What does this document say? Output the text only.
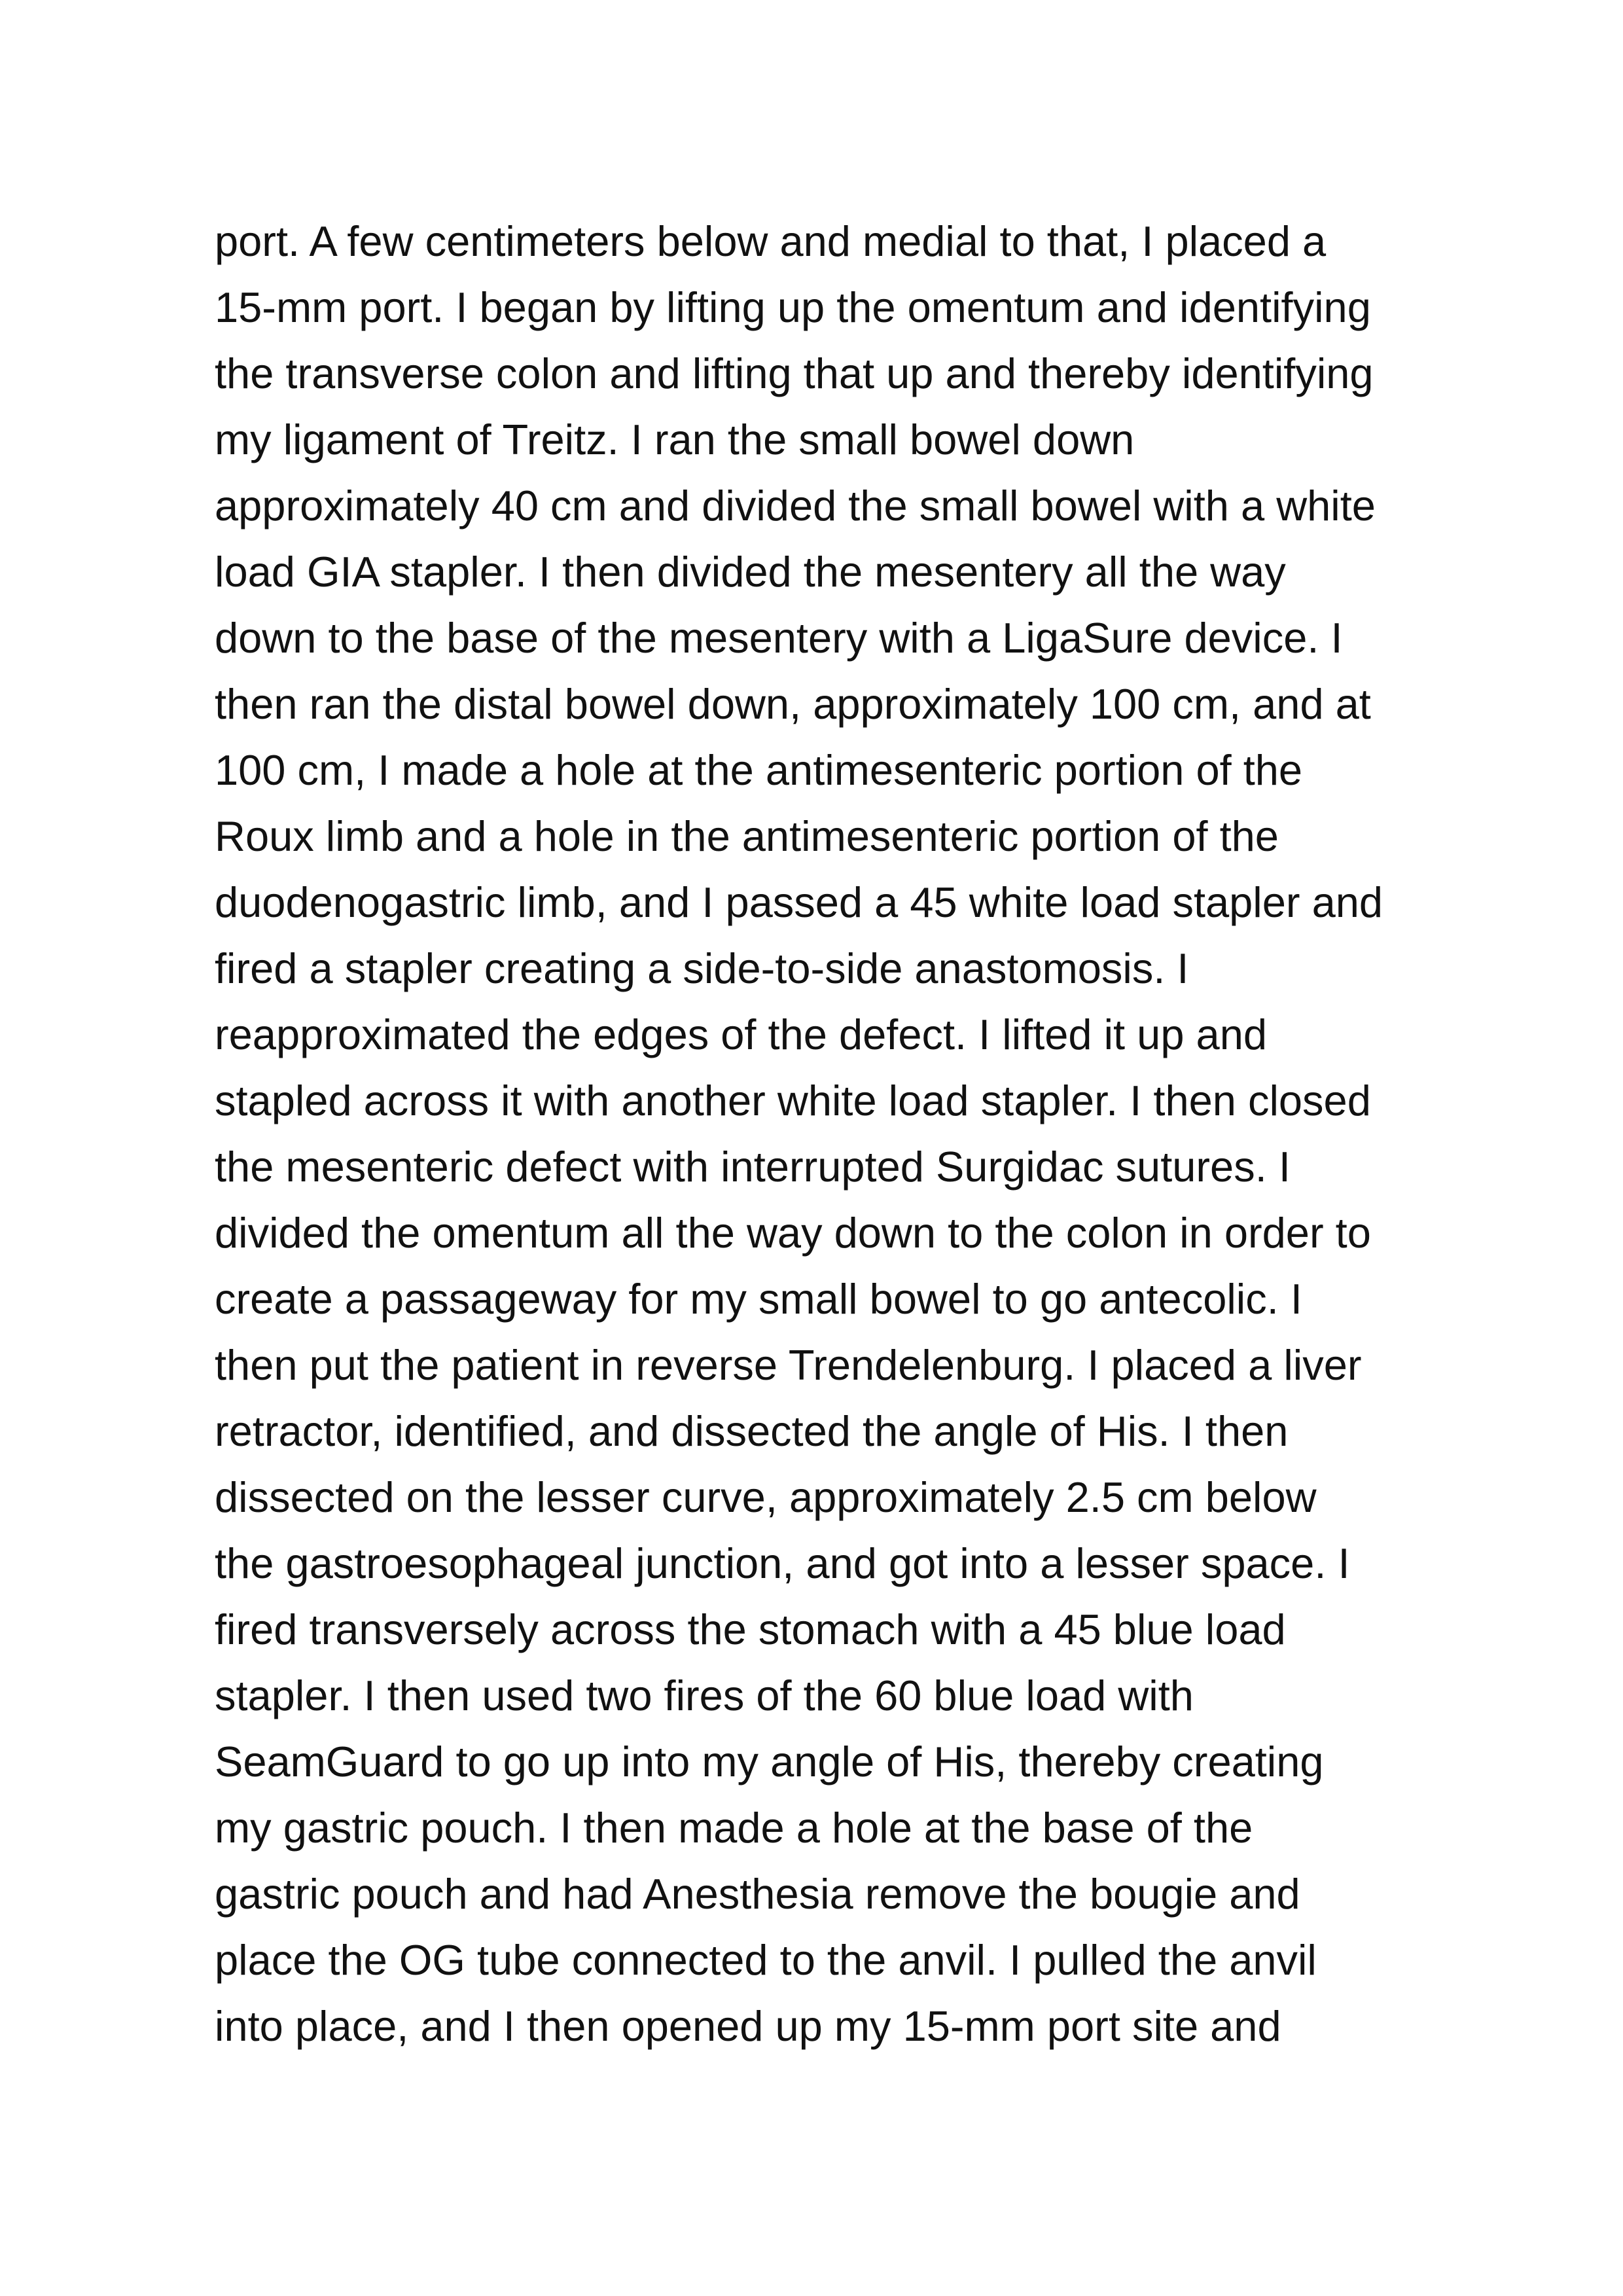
port. A few centimeters below and medial to that, I placed a
15-mm port. I began by lifting up the omentum and identifying
the transverse colon and lifting that up and thereby identifying
my ligament of Treitz. I ran the small bowel down
approximately 40 cm and divided the small bowel with a white
load GIA stapler. I then divided the mesentery all the way
down to the base of the mesentery with a LigaSure device. I
then ran the distal bowel down, approximately 100 cm, and at
100 cm, I made a hole at the antimesenteric portion of the
Roux limb and a hole in the antimesenteric portion of the
duodenogastric limb, and I passed a 45 white load stapler and
fired a stapler creating a side-to-side anastomosis. I
reapproximated the edges of the defect. I lifted it up and
stapled across it with another white load stapler. I then closed
the mesenteric defect with interrupted Surgidac sutures. I
divided the omentum all the way down to the colon in order to
create a passageway for my small bowel to go antecolic. I
then put the patient in reverse Trendelenburg. I placed a liver
retractor, identified, and dissected the angle of His. I then
dissected on the lesser curve, approximately 2.5 cm below
the gastroesophageal junction, and got into a lesser space. I
fired transversely across the stomach with a 45 blue load
stapler. I then used two fires of the 60 blue load with
SeamGuard to go up into my angle of His, thereby creating
my gastric pouch. I then made a hole at the base of the
gastric pouch and had Anesthesia remove the bougie and
place the OG tube connected to the anvil. I pulled the anvil
into place, and I then opened up my 15-mm port site and
